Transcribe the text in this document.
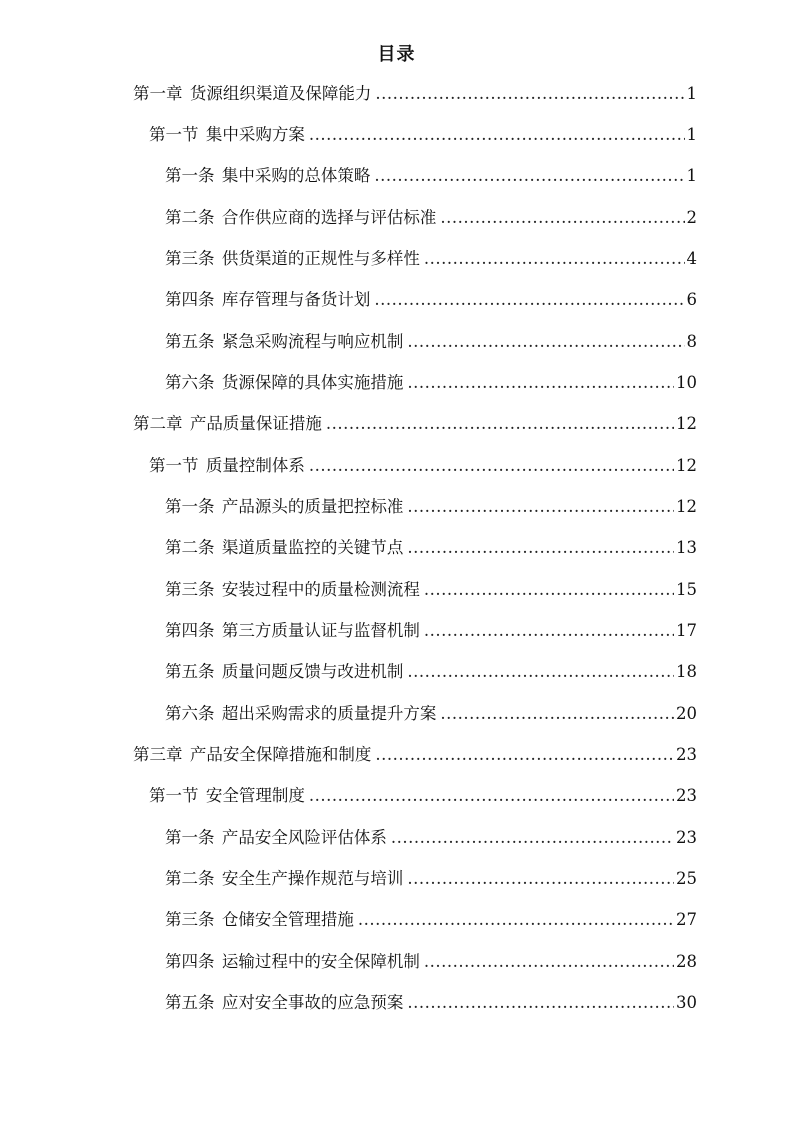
目录
第一章 货源组织渠道及保障能力 .....	1
第一节 集中采购方案 .....	1
第一条 集中采购的总体策略 .....	1
第二条 合作供应商的选择与评估标准 .....	2
第三条 供货渠道的正规性与多样性 .....	4
第四条 库存管理与备货计划 .....	6
第五条 紧急采购流程与响应机制 .....	8
第六条 货源保障的具体实施措施 .....	10
第二章 产品质量保证措施 .....	12
第一节 质量控制体系 .....	12
第一条 产品源头的质量把控标准 .....	12
第二条 渠道质量监控的关键节点 .....	13
第三条 安装过程中的质量检测流程 .....	15
第四条 第三方质量认证与监督机制 .....	17
第五条 质量问题反馈与改进机制 .....	18
第六条 超出采购需求的质量提升方案 .....	20
第三章 产品安全保障措施和制度 .....	23
第一节 安全管理制度 .....	23
第一条 产品安全风险评估体系 .....	23
第二条 安全生产操作规范与培训 .....	25
第三条 仓储安全管理措施 .....	27
第四条 运输过程中的安全保障机制 .....	28
第五条 应对安全事故的应急预案 .....	30
